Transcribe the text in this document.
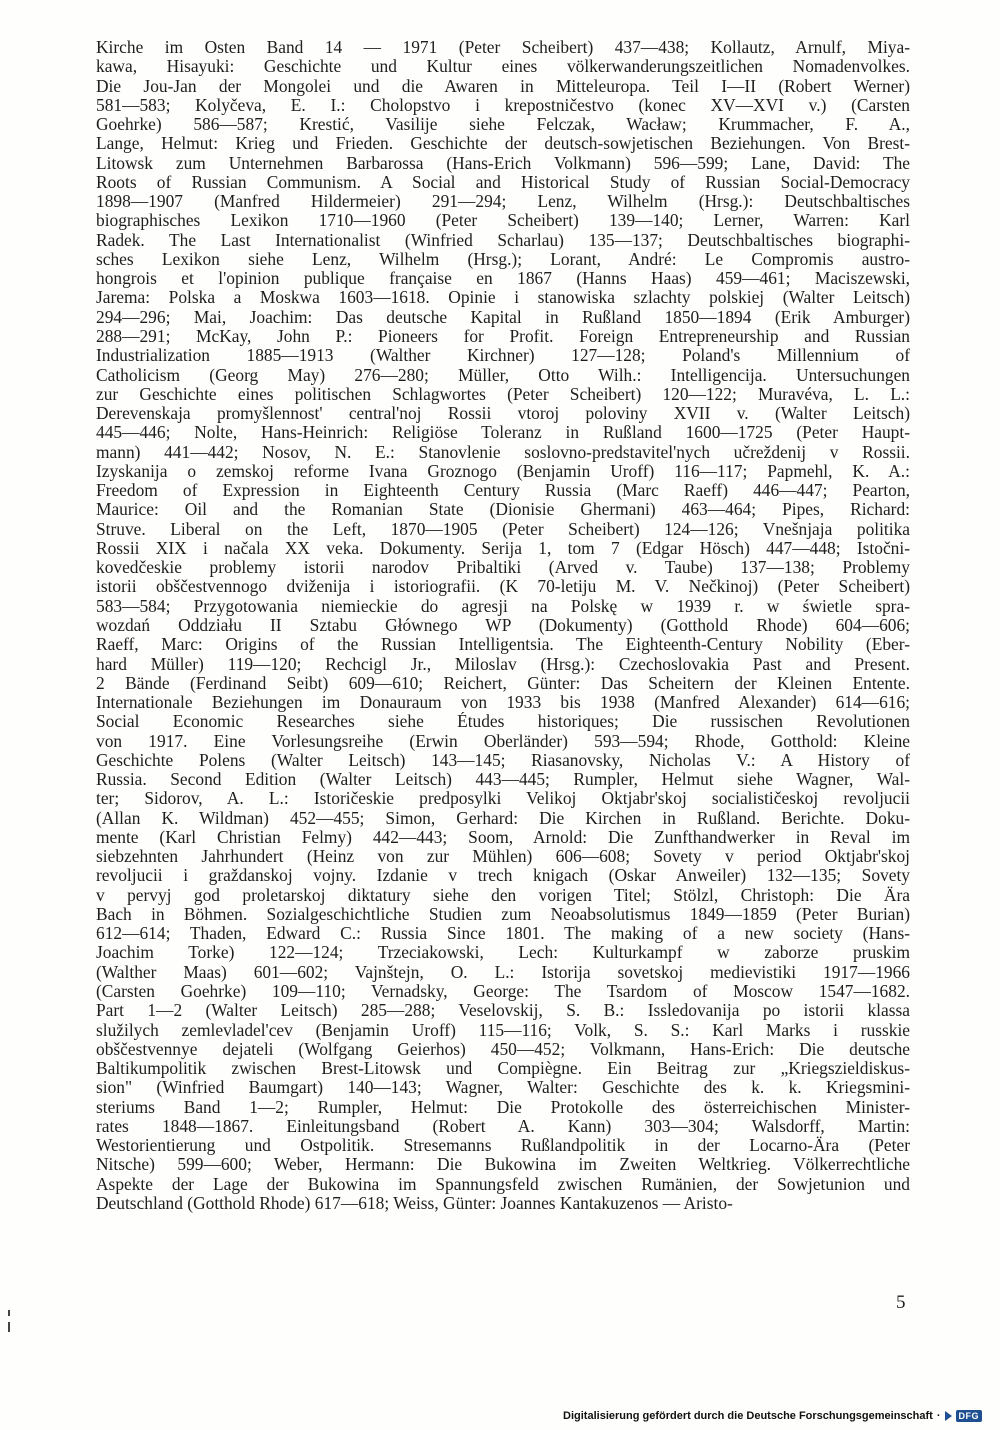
Kirche im Osten Band 14 — 1971 (Peter Scheibert) 437—438; Kollautz, Arnulf, Miya-
kawa, Hisayuki: Geschichte und Kultur eines völkerwanderungszeitlichen Nomadenvolkes.
Die Jou-Jan der Mongolei und die Awaren in Mitteleuropa. Teil I—II (Robert Werner)
581—583; Kolyčeva, E. I.: Cholopstvo i krepostničestvo (konec XV—XVI v.) (Carsten
Goehrke) 586—587; Krestić, Vasilije siehe Felczak, Wacław; Krummacher, F. A.,
Lange, Helmut: Krieg und Frieden. Geschichte der deutsch-sowjetischen Beziehungen. Von Brest-
Litowsk zum Unternehmen Barbarossa (Hans-Erich Volkmann) 596—599; Lane, David: The
Roots of Russian Communism. A Social and Historical Study of Russian Social-Democracy
1898—1907 (Manfred Hildermeier) 291—294; Lenz, Wilhelm (Hrsg.): Deutschbaltisches
biographisches Lexikon 1710—1960 (Peter Scheibert) 139—140; Lerner, Warren: Karl
Radek. The Last Internationalist (Winfried Scharlau) 135—137; Deutschbaltisches biographi-
sches Lexikon siehe Lenz, Wilhelm (Hrsg.); Lorant, André: Le Compromis austro-
hongrois et l'opinion publique française en 1867 (Hanns Haas) 459—461; Maciszewski,
Jarema: Polska a Moskwa 1603—1618. Opinie i stanowiska szlachty polskiej (Walter Leitsch)
294—296; Mai, Joachim: Das deutsche Kapital in Rußland 1850—1894 (Erik Amburger)
288—291; McKay, John P.: Pioneers for Profit. Foreign Entrepreneurship and Russian
Industrialization 1885—1913 (Walther Kirchner) 127—128; Poland's Millennium of
Catholicism (Georg May) 276—280; Müller, Otto Wilh.: Intelligencija. Untersuchungen
zur Geschichte eines politischen Schlagwortes (Peter Scheibert) 120—122; Muravéva, L. L.:
Derevenskaja promyšlennost' central'noj Rossii vtoroj poloviny XVII v. (Walter Leitsch)
445—446; Nolte, Hans-Heinrich: Religiöse Toleranz in Rußland 1600—1725 (Peter Haupt-
mann) 441—442; Nosov, N. E.: Stanovlenie soslovno-predstavitel'nych učreždenij v Rossii.
Izyskanija o zemskoj reforme Ivana Groznogo (Benjamin Uroff) 116—117; Papmehl, K. A.:
Freedom of Expression in Eighteenth Century Russia (Marc Raeff) 446—447; Pearton,
Maurice: Oil and the Romanian State (Dionisie Ghermani) 463—464; Pipes, Richard:
Struve. Liberal on the Left, 1870—1905 (Peter Scheibert) 124—126; Vnešnjaja politika
Rossii XIX i načala XX veka. Dokumenty. Serija 1, tom 7 (Edgar Hösch) 447—448; Istočni-
kovedčeskie problemy istorii narodov Pribaltiki (Arved v. Taube) 137—138; Problemy
istorii obščestvennogo dviženija i istoriografii. (K 70-letiju M. V. Nečkinoj) (Peter Scheibert)
583—584; Przygotowania niemieckie do agresji na Polskę w 1939 r. w świetle spra-
wozdań Oddziału II Sztabu Głównego WP (Dokumenty) (Gotthold Rhode) 604—606;
Raeff, Marc: Origins of the Russian Intelligentsia. The Eighteenth-Century Nobility (Eber-
hard Müller) 119—120; Rechcigl Jr., Miloslav (Hrsg.): Czechoslovakia Past and Present.
2 Bände (Ferdinand Seibt) 609—610; Reichert, Günter: Das Scheitern der Kleinen Entente.
Internationale Beziehungen im Donauraum von 1933 bis 1938 (Manfred Alexander) 614—616;
Social Economic Researches siehe Études historiques; Die russischen Revolutionen
von 1917. Eine Vorlesungsreihe (Erwin Oberländer) 593—594; Rhode, Gotthold: Kleine
Geschichte Polens (Walter Leitsch) 143—145; Riasanovsky, Nicholas V.: A History of
Russia. Second Edition (Walter Leitsch) 443—445; Rumpler, Helmut siehe Wagner, Wal-
ter; Sidorov, A. L.: Istoričeskie predposylki Velikoj Oktjabr'skoj socialističeskoj revoljucii
(Allan K. Wildman) 452—455; Simon, Gerhard: Die Kirchen in Rußland. Berichte. Doku-
mente (Karl Christian Felmy) 442—443; Soom, Arnold: Die Zunfthandwerker in Reval im
siebzehnten Jahrhundert (Heinz von zur Mühlen) 606—608; Sovety v period Oktjabr'skoj
revoljucii i graždanskoj vojny. Izdanie v trech knigach (Oskar Anweiler) 132—135; Sovety
v pervyj god proletarskoj diktatury siehe den vorigen Titel; Stölzl, Christoph: Die Ära
Bach in Böhmen. Sozialgeschichtliche Studien zum Neoabsolutismus 1849—1859 (Peter Burian)
612—614; Thaden, Edward C.: Russia Since 1801. The making of a new society (Hans-
Joachim Torke) 122—124; Trzeciakowski, Lech: Kulturkampf w zaborze pruskim
(Walther Maas) 601—602; Vajnštejn, O. L.: Istorija sovetskoj medievistiki 1917—1966
(Carsten Goehrke) 109—110; Vernadsky, George: The Tsardom of Moscow 1547—1682.
Part 1—2 (Walter Leitsch) 285—288; Veselovskij, S. B.: Issledovanija po istorii klassa
služilych zemlevladel'cev (Benjamin Uroff) 115—116; Volk, S. S.: Karl Marks i russkie
obščestvennye dejateli (Wolfgang Geierhos) 450—452; Volkmann, Hans-Erich: Die deutsche
Baltikumpolitik zwischen Brest-Litowsk und Compiègne. Ein Beitrag zur „Kriegszieldiskus-
sion" (Winfried Baumgart) 140—143; Wagner, Walter: Geschichte des k. k. Kriegsmini-
steriums Band 1—2; Rumpler, Helmut: Die Protokolle des österreichischen Minister-
rates 1848—1867. Einleitungsband (Robert A. Kann) 303—304; Walsdorff, Martin:
Westorientierung und Ostpolitik. Stresemanns Rußlandpolitik in der Locarno-Ära (Peter
Nitsche) 599—600; Weber, Hermann: Die Bukowina im Zweiten Weltkrieg. Völkerrechtliche
Aspekte der Lage der Bukowina im Spannungsfeld zwischen Rumänien, der Sowjetunion und
Deutschland (Gotthold Rhode) 617—618; Weiss, Günter: Joannes Kantakuzenos — Aristo-
5
Digitalisierung gefördert durch die Deutsche Forschungsgemeinschaft ·	DFG
